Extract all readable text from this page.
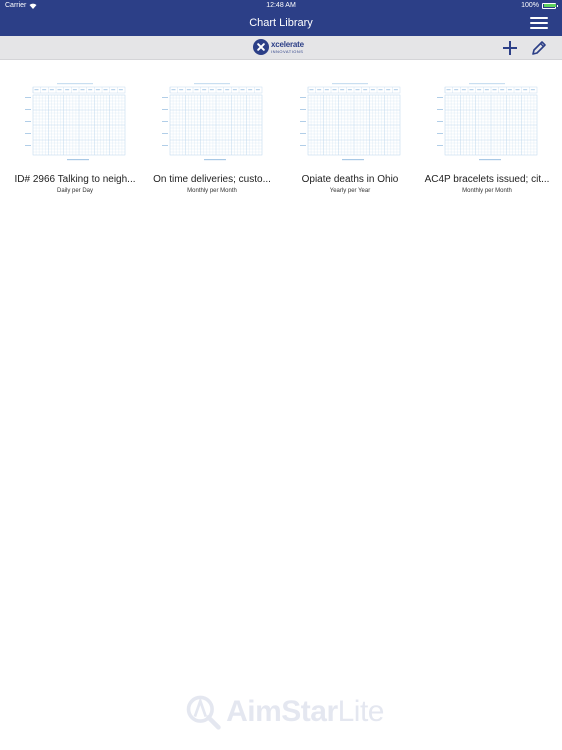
Carrier	12:48 AM	100%
Chart Library
xcelerate
INNOVATIONS
ID# 2966 Talking to neigh...
Daily per Day
On time deliveries; custo...
Monthly per Month
Opiate deaths in Ohio
Yearly per Year
AC4P bracelets issued; cit...
Monthly per Month
AimStarLite
